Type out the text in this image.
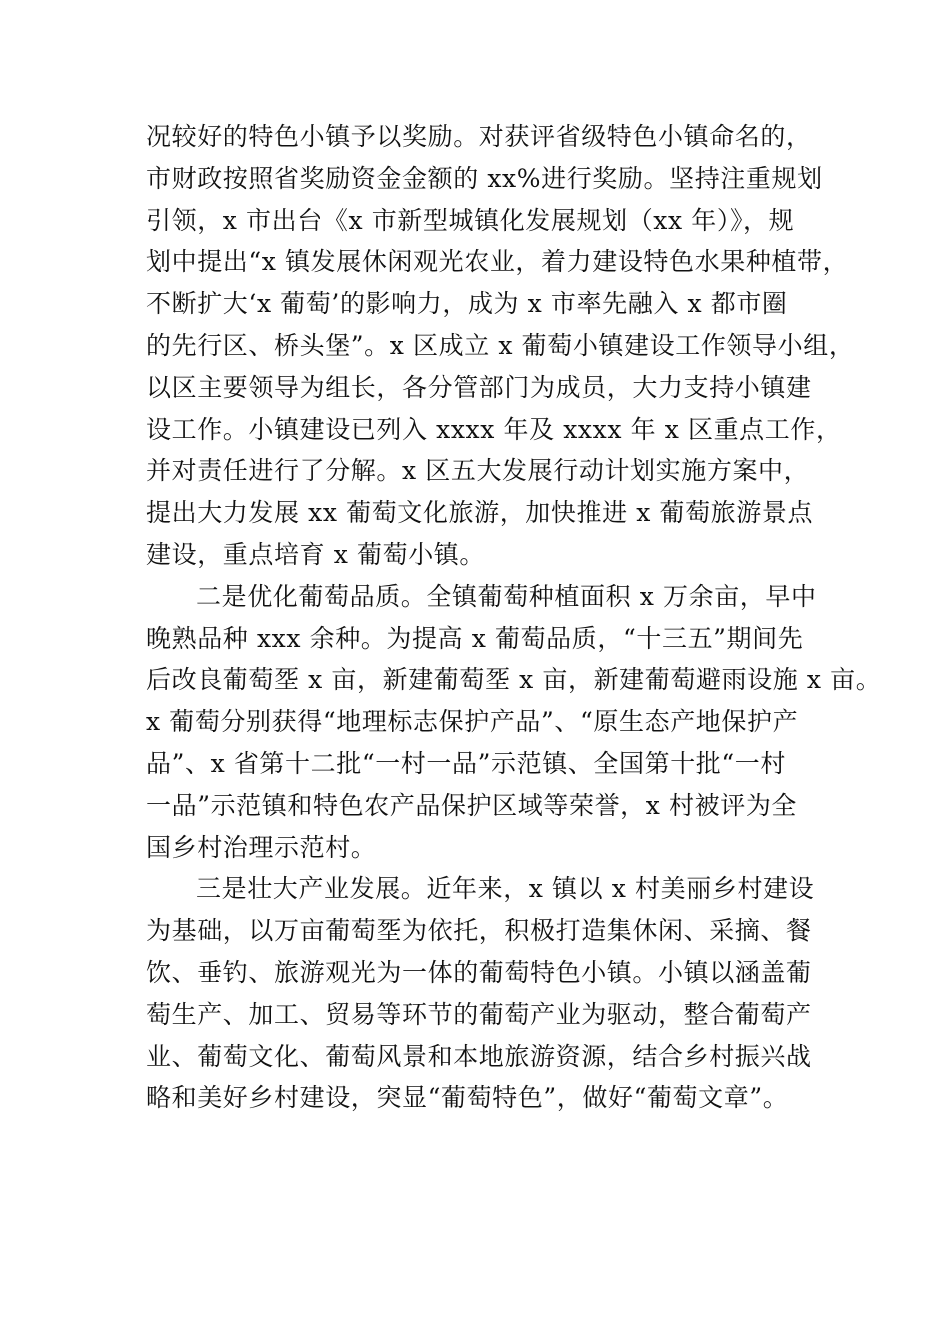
况较好的特色小镇予以奖励。对获评省级特色小镇命名的，
市财政按照省奖励资金金额的 xx%进行奖励。坚持注重规划
引领，x 市出台《x 市新型城镇化发展规划（xx 年）》，规
划中提出“x 镇发展休闲观光农业，着力建设特色水果种植带，
不断扩大‘x 葡萄’的影响力，成为 x 市率先融入 x 都市圈
的先行区、桥头堡”。x 区成立 x 葡萄小镇建设工作领导小组，
以区主要领导为组长，各分管部门为成员，大力支持小镇建
设工作。小镇建设已列入 xxxx 年及 xxxx 年 x 区重点工作，
并对责任进行了分解。x 区五大发展行动计划实施方案中，
提出大力发展 xx 葡萄文化旅游，加快推进 x 葡萄旅游景点
建设，重点培育 x 葡萄小镇。
二是优化葡萄品质。全镇葡萄种植面积 x 万余亩，早中
晚熟品种 xxx 余种。为提高 x 葡萄品质，“十三五”期间先
后改良葡萄㘸 x 亩，新建葡萄㘸 x 亩，新建葡萄避雨设施 x 亩。
x 葡萄分别获得“地理标志保护产品”、“原生态产地保护产
品”、x 省第十二批“一村一品”示范镇、全国第十批“一村
一品”示范镇和特色农产品保护区域等荣誉，x 村被评为全
国乡村治理示范村。
三是壮大产业发展。近年来，x 镇以 x 村美丽乡村建设
为基础，以万亩葡萄㘸为依托，积极打造集休闲、采摘、餐
饮、垂钓、旅游观光为一体的葡萄特色小镇。小镇以涵盖葡
萄生产、加工、贸易等环节的葡萄产业为驱动，整合葡萄产
业、葡萄文化、葡萄风景和本地旅游资源，结合乡村振兴战
略和美好乡村建设，突显“葡萄特色”，做好“葡萄文章”。
